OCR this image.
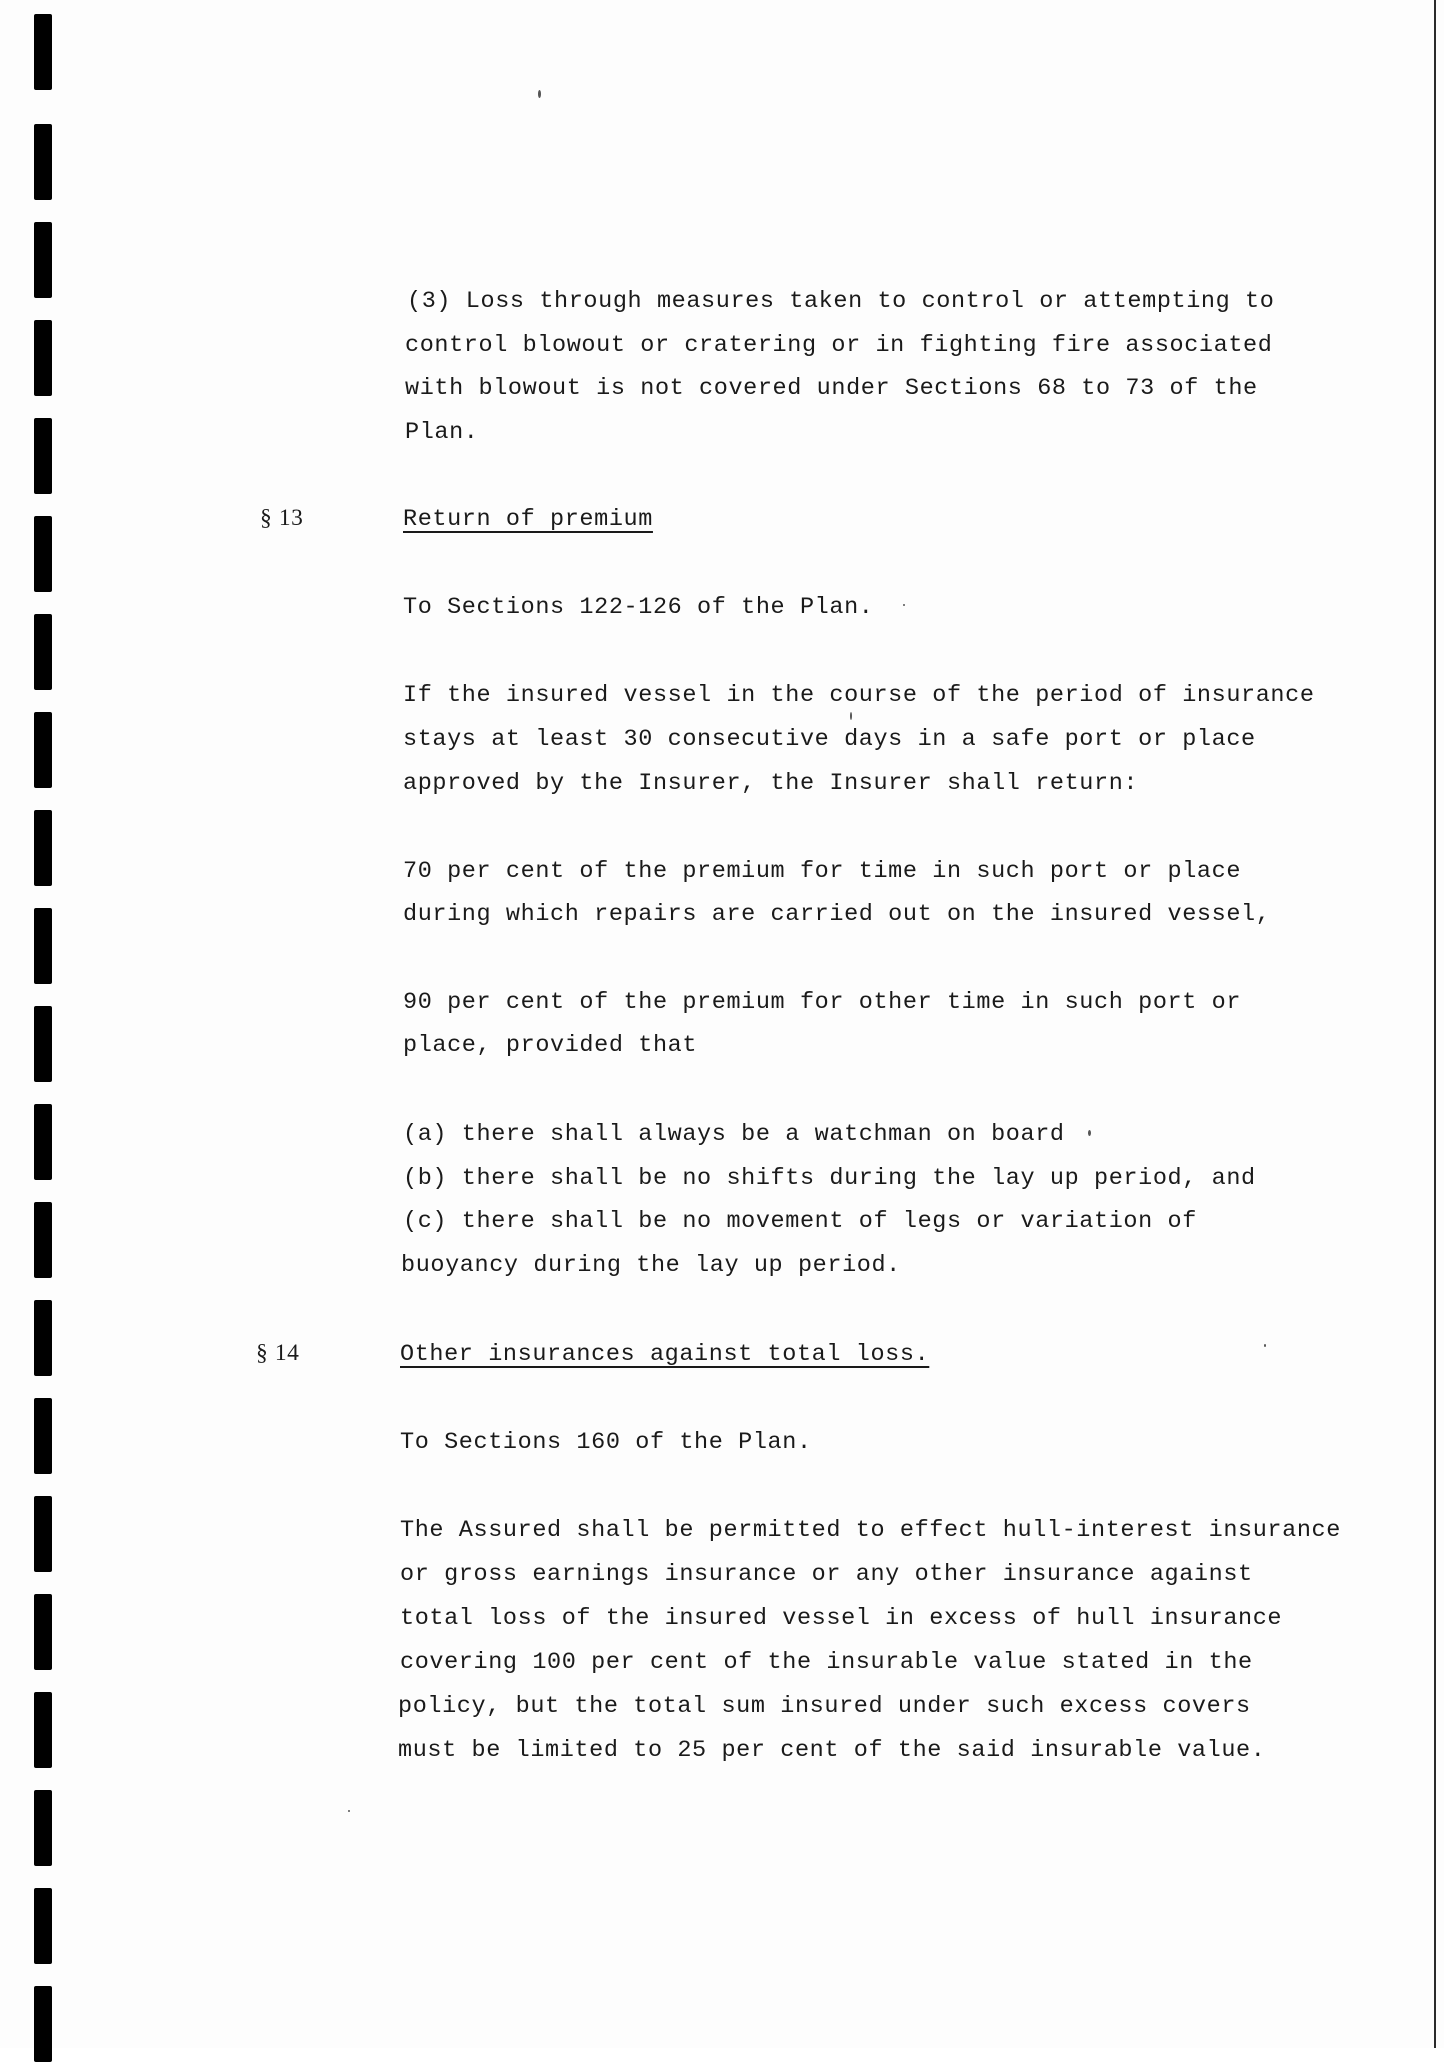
(3) Loss through measures taken to control or attempting to
control blowout or cratering or in fighting fire associated
with blowout is not covered under Sections 68 to 73 of the
Plan.
§ 13	Return of premium
To Sections 122-126 of the Plan.
If the insured vessel in the course of the period of insurance
stays at least 30 consecutive days in a safe port or place
approved by the Insurer, the Insurer shall return:
70 per cent of the premium for time in such port or place
during which repairs are carried out on the insured vessel,
90 per cent of the premium for other time in such port or
place, provided that
(a) there shall always be a watchman on board
(b) there shall be no shifts during the lay up period, and
(c) there shall be no movement of legs or variation of
buoyancy during the lay up period.
§ 14	Other insurances against total loss.
To Sections 160 of the Plan.
The Assured shall be permitted to effect hull-interest insurance
or gross earnings insurance or any other insurance against
total loss of the insured vessel in excess of hull insurance
covering 100 per cent of the insurable value stated in the
policy, but the total sum insured under such excess covers
must be limited to 25 per cent of the said insurable value.
